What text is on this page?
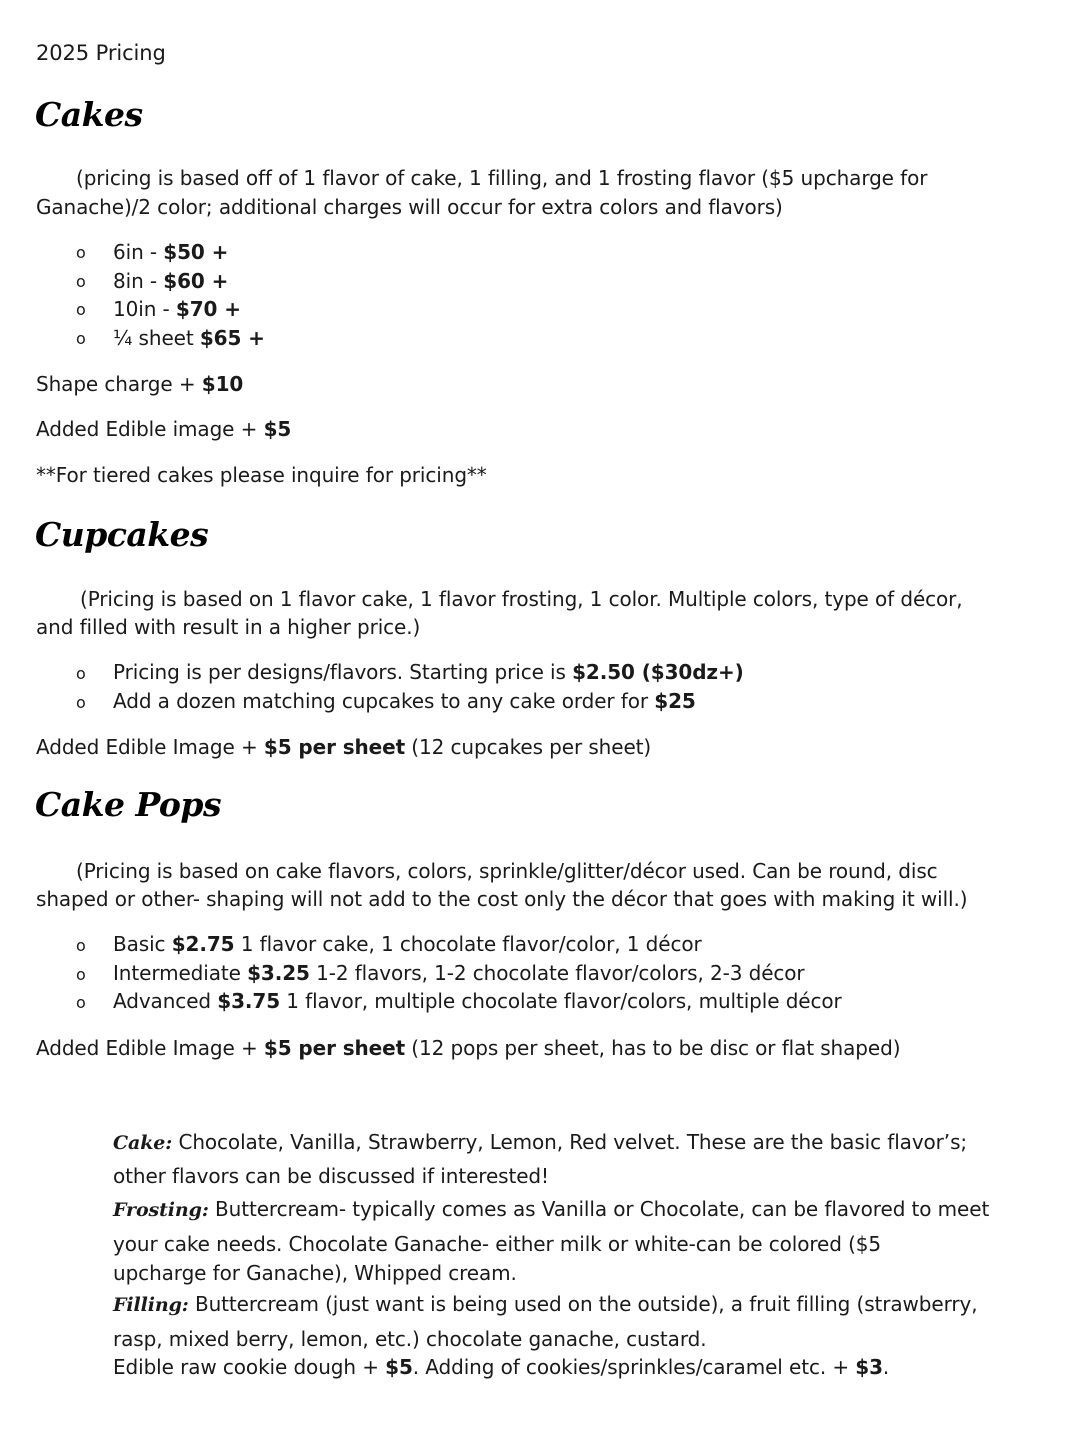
2025 Pricing
Cakes
(pricing is based off of 1 flavor of cake, 1 filling, and 1 frosting flavor ($5 upcharge for
Ganache)/2 color; additional charges will occur for extra colors and flavors)
o 6in - $50 +
o 8in - $60 +
o 10in - $70 +
o ¼ sheet $65 +
Shape charge + $10
Added Edible image + $5
**For tiered cakes please inquire for pricing**
Cupcakes
(Pricing is based on 1 flavor cake, 1 flavor frosting, 1 color. Multiple colors, type of décor,
and filled with result in a higher price.)
o Pricing is per designs/flavors. Starting price is $2.50 ($30dz+)
o Add a dozen matching cupcakes to any cake order for $25
Added Edible Image + $5 per sheet (12 cupcakes per sheet)
Cake Pops
(Pricing is based on cake flavors, colors, sprinkle/glitter/décor used. Can be round, disc
shaped or other- shaping will not add to the cost only the décor that goes with making it will.)
o Basic $2.75 1 flavor cake, 1 chocolate flavor/color, 1 décor
o Intermediate $3.25 1-2 flavors, 1-2 chocolate flavor/colors, 2-3 décor
o Advanced $3.75 1 flavor, multiple chocolate flavor/colors, multiple décor
Added Edible Image + $5 per sheet (12 pops per sheet, has to be disc or flat shaped)
Cake: Chocolate, Vanilla, Strawberry, Lemon, Red velvet. These are the basic flavor’s;
other flavors can be discussed if interested!
Frosting: Buttercream- typically comes as Vanilla or Chocolate, can be flavored to meet
your cake needs. Chocolate Ganache- either milk or white-can be colored ($5
upcharge for Ganache), Whipped cream.
Filling: Buttercream (just want is being used on the outside), a fruit filling (strawberry,
rasp, mixed berry, lemon, etc.) chocolate ganache, custard.
Edible raw cookie dough + $5. Adding of cookies/sprinkles/caramel etc. + $3.
